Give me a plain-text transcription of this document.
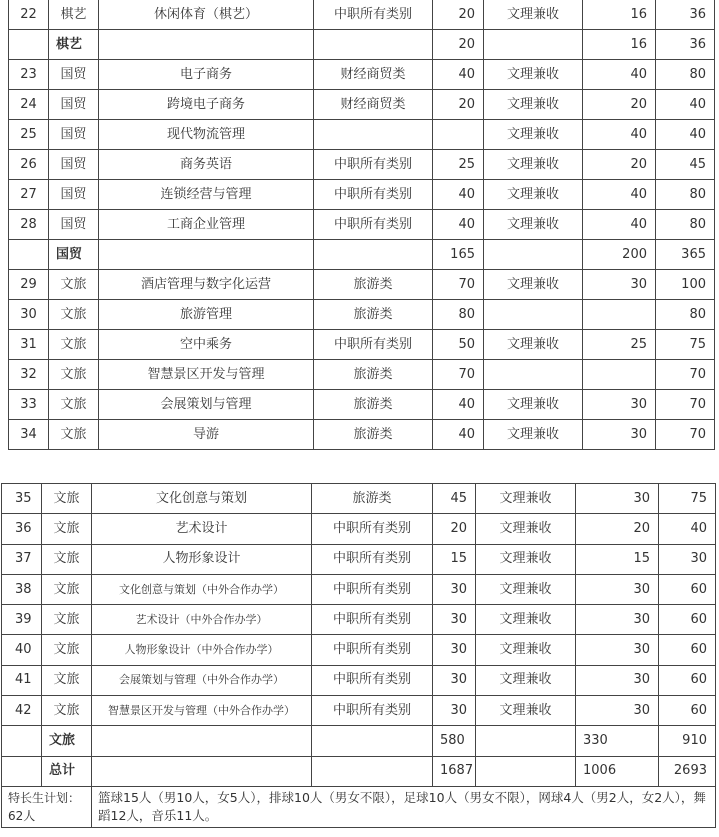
22	棋艺	休闲体育（棋艺）	中职所有类别	20	文理兼收	16	36
	棋艺			20		16	36
23	国贸	电子商务	财经商贸类	40	文理兼收	40	80
24	国贸	跨境电子商务	财经商贸类	20	文理兼收	20	40
25	国贸	现代物流管理			文理兼收	40	40
26	国贸	商务英语	中职所有类别	25	文理兼收	20	45
27	国贸	连锁经营与管理	中职所有类别	40	文理兼收	40	80
28	国贸	工商企业管理	中职所有类别	40	文理兼收	40	80
	国贸			165		200	365
29	文旅	酒店管理与数字化运营	旅游类	70	文理兼收	30	100
30	文旅	旅游管理	旅游类	80			80
31	文旅	空中乘务	中职所有类别	50	文理兼收	25	75
32	文旅	智慧景区开发与管理	旅游类	70			70
33	文旅	会展策划与管理	旅游类	40	文理兼收	30	70
34	文旅	导游	旅游类	40	文理兼收	30	70
35	文旅	文化创意与策划	旅游类	45	文理兼收	30	75
36	文旅	艺术设计	中职所有类别	20	文理兼收	20	40
37	文旅	人物形象设计	中职所有类别	15	文理兼收	15	30
38	文旅	文化创意与策划（中外合作办学）	中职所有类别	30	文理兼收	30	60
39	文旅	艺术设计（中外合作办学）	中职所有类别	30	文理兼收	30	60
40	文旅	人物形象设计（中外合作办学）	中职所有类别	30	文理兼收	30	60
41	文旅	会展策划与管理（中外合作办学）	中职所有类别	30	文理兼收	30	60
42	文旅	智慧景区开发与管理（中外合作办学）	中职所有类别	30	文理兼收	30	60
	文旅			580		330	910
	总计			1687		1006	2693
特长生计划：62人		篮球15人（男10人，女5人），排球10人（男女不限），足球10人（男女不限），网球4人（男2人，女2人），舞蹈12人，音乐11人。					
